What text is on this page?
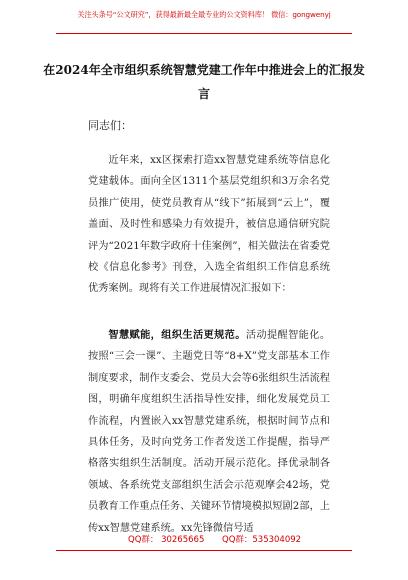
关注头条号“公文研究”，获得最新最全最专业的公文资料库！ 微信：gongwenyj
在2024年全市组织系统智慧党建工作年中推进会上的汇报发言
同志们：

近年来，xx区探索打造xx智慧党建系统等信息化党建载体。面向全区1311个基层党组织和3万余名党员推广使用，使党员教育从“线下”拓展到“云上”，覆盖面、及时性和感染力有效提升，被信息通信研究院评为“2021年数字政府十佳案例”，相关做法在省委党校《信息化参考》刊登，入选全省组织工作信息系统优秀案例。现将有关工作进展情况汇报如下：

智慧赋能，组织生活更规范。活动提醒智能化。按照“三会一课”、主题党日等“8+X”党支部基本工作制度要求，制作支委会、党员大会等6张组织生活流程图，明确年度组织生活指导性安排，细化发展党员工作流程，内置嵌入xx智慧党建系统，根据时间节点和具体任务，及时向党务工作者发送工作提醒，指导严格落实组织生活制度。活动开展示范化。择优录制各领域、各系统党支部组织生活会示范观摩会42场，党员教育工作重点任务、关键环节情境模拟短剧2部，上传xx智慧党建系统。xx先锋微信号适

QQ群： 30265665 QQ群：535304092
